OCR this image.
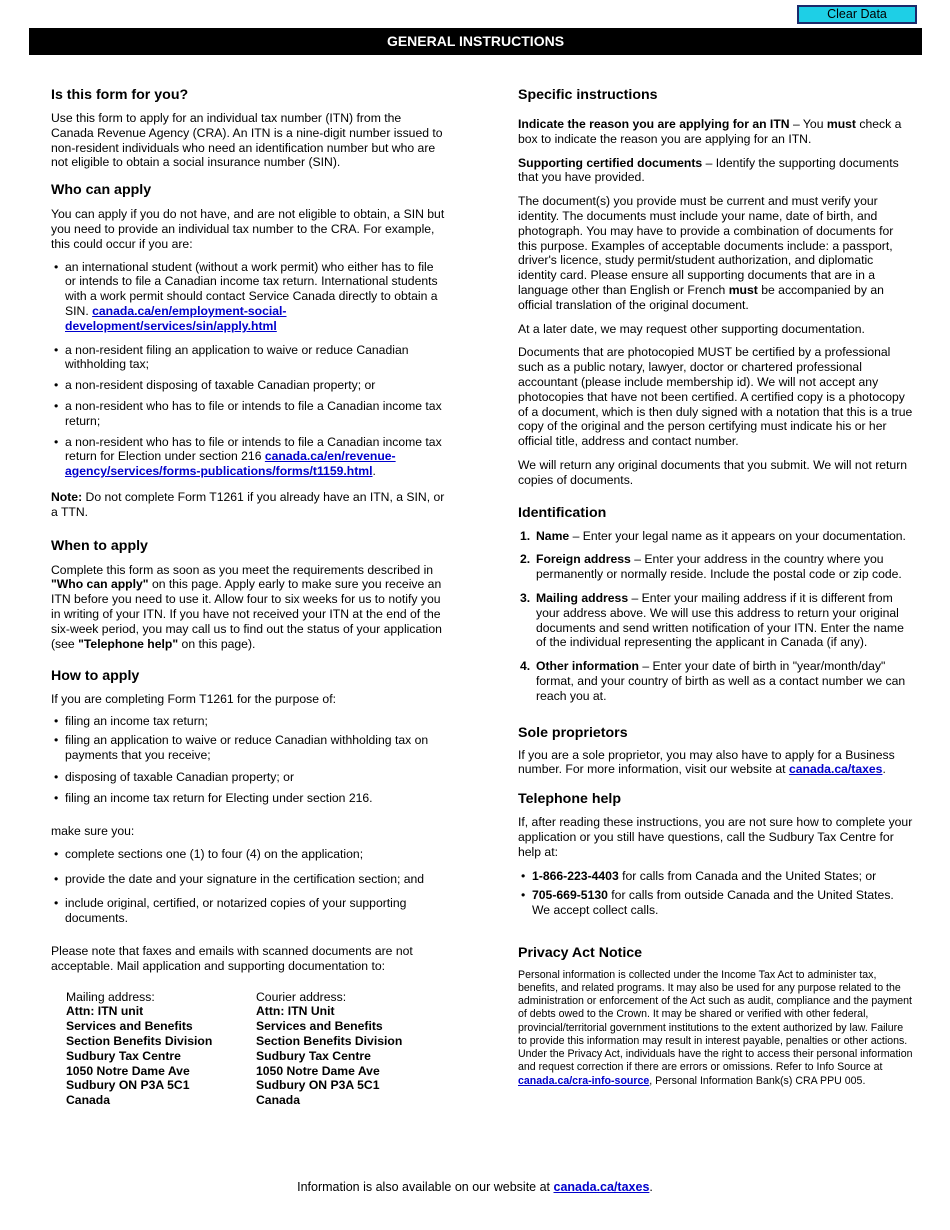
Clear Data
GENERAL INSTRUCTIONS
Is this form for you?

Use this form to apply for an individual tax number (ITN) from the Canada Revenue Agency (CRA). An ITN is a nine-digit number issued to non-resident individuals who need an identification number but who are not eligible to obtain a social insurance number (SIN).

Who can apply

You can apply if you do not have, and are not eligible to obtain, a SIN but you need to provide an individual tax number to the CRA. For example, this could occur if you are:

• an international student (without a work permit) who either has to file or intends to file a Canadian income tax return. International students with a work permit should contact Service Canada directly to obtain a SIN. canada.ca/en/employment-social-development/services/sin/apply.html
• a non-resident filing an application to waive or reduce Canadian withholding tax;
• a non-resident disposing of taxable Canadian property; or
• a non-resident who has to file or intends to file a Canadian income tax return;
• a non-resident who has to file or intends to file a Canadian income tax return for Election under section 216 canada.ca/en/revenue-agency/services/forms-publications/forms/t1159.html.

Note: Do not complete Form T1261 if you already have an ITN, a SIN, or a TTN.

When to apply

Complete this form as soon as you meet the requirements described in "Who can apply" on this page. Apply early to make sure you receive an ITN before you need to use it. Allow four to six weeks for us to notify you in writing of your ITN. If you have not received your ITN at the end of the six-week period, you may call us to find out the status of your application (see "Telephone help" on this page).

How to apply

If you are completing Form T1261 for the purpose of:

• filing an income tax return;
• filing an application to waive or reduce Canadian withholding tax on payments that you receive;
• disposing of taxable Canadian property; or
• filing an income tax return for Electing under section 216.

make sure you:

• complete sections one (1) to four (4) on the application;
• provide the date and your signature in the certification section; and
• include original, certified, or notarized copies of your supporting documents.

Please note that faxes and emails with scanned documents are not acceptable. Mail application and supporting documentation to:

Mailing address:
Attn: ITN unit
Services and Benefits
Section Benefits Division
Sudbury Tax Centre
1050 Notre Dame Ave
Sudbury ON P3A 5C1
Canada
Courier address:
Attn: ITN Unit
Services and Benefits
Section Benefits Division
Sudbury Tax Centre
1050 Notre Dame Ave
Sudbury ON P3A 5C1
Canada
Specific instructions

Indicate the reason you are applying for an ITN – You must check a box to indicate the reason you are applying for an ITN.

Supporting certified documents – Identify the supporting documents that you have provided.

The document(s) you provide must be current and must verify your identity. The documents must include your name, date of birth, and photograph. You may have to provide a combination of documents for this purpose. Examples of acceptable documents include: a passport, driver's licence, study permit/student authorization, and diplomatic identity card. Please ensure all supporting documents that are in a language other than English or French must be accompanied by an official translation of the original document.

At a later date, we may request other supporting documentation.

Documents that are photocopied MUST be certified by a professional such as a public notary, lawyer, doctor or chartered professional accountant (please include membership id). We will not accept any photocopies that have not been certified. A certified copy is a photocopy of a document, which is then duly signed with a notation that this is a true copy of the original and the person certifying must indicate his or her official title, address and contact number.

We will return any original documents that you submit. We will not return copies of documents.

Identification
1. Name – Enter your legal name as it appears on your documentation.
2. Foreign address – Enter your address in the country where you permanently or normally reside. Include the postal code or zip code.
3. Mailing address – Enter your mailing address if it is different from your address above. We will use this address to return your original documents and send written notification of your ITN. Enter the name of the individual representing the applicant in Canada (if any).
4. Other information – Enter your date of birth in "year/month/day" format, and your country of birth as well as a contact number we can reach you at.
Sole proprietors

If you are a sole proprietor, you may also have to apply for a Business number. For more information, visit our website at canada.ca/taxes.

Telephone help

If, after reading these instructions, you are not sure how to complete your application or you still have questions, call the Sudbury Tax Centre for help at:

• 1-866-223-4403 for calls from Canada and the United States; or
• 705-669-5130 for calls from outside Canada and the United States. We accept collect calls.
Privacy Act Notice

Personal information is collected under the Income Tax Act to administer tax, benefits, and related programs. It may also be used for any purpose related to the administration or enforcement of the Act such as audit, compliance and the payment of debts owed to the Crown. It may be shared or verified with other federal, provincial/territorial government institutions to the extent authorized by law. Failure to provide this information may result in interest payable, penalties or other actions. Under the Privacy Act, individuals have the right to access their personal information and request correction if there are errors or omissions. Refer to Info Source at canada.ca/cra-info-source, Personal Information Bank(s) CRA PPU 005.

Information is also available on our website at canada.ca/taxes.
